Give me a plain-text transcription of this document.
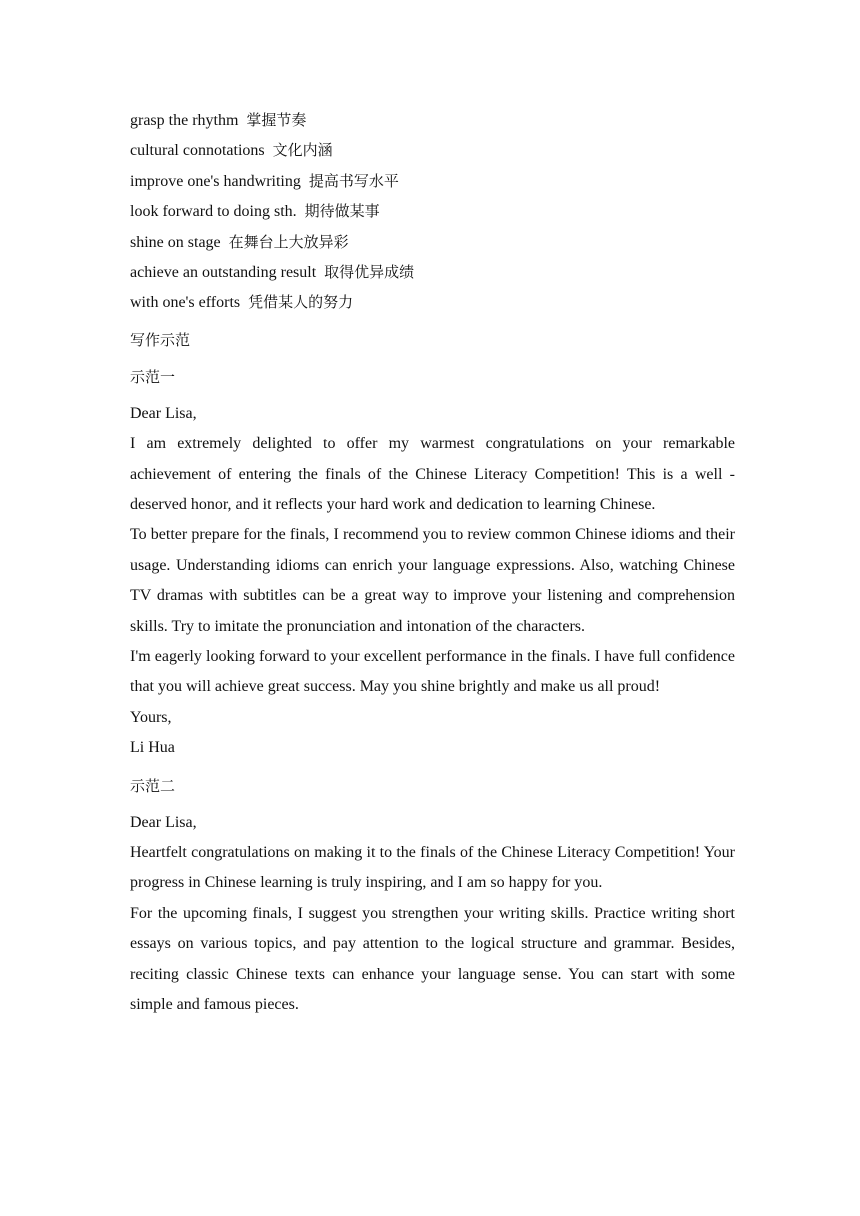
grasp the rhythm 掌握节奏
cultural connotations 文化内涵
improve one's handwriting 提高书写水平
look forward to doing sth. 期待做某事
shine on stage 在舞台上大放异彩
achieve an outstanding result 取得优异成绩
with one's efforts 凭借某人的努力
写作示范
示范一

Dear Lisa,

I am extremely delighted to offer my warmest congratulations on your remarkable achievement of entering the finals of the Chinese Literacy Competition! This is a well - deserved honor, and it reflects your hard work and dedication to learning Chinese.

To better prepare for the finals, I recommend you to review common Chinese idioms and their usage. Understanding idioms can enrich your language expressions. Also, watching Chinese TV dramas with subtitles can be a great way to improve your listening and comprehension skills. Try to imitate the pronunciation and intonation of the characters.

I'm eagerly looking forward to your excellent performance in the finals. I have full confidence that you will achieve great success. May you shine brightly and make us all proud!

Yours,

Li Hua

示范二

Dear Lisa,

Heartfelt congratulations on making it to the finals of the Chinese Literacy Competition! Your progress in Chinese learning is truly inspiring, and I am so happy for you.

For the upcoming finals, I suggest you strengthen your writing skills. Practice writing short essays on various topics, and pay attention to the logical structure and grammar. Besides, reciting classic Chinese texts can enhance your language sense. You can start with some simple and famous pieces.
